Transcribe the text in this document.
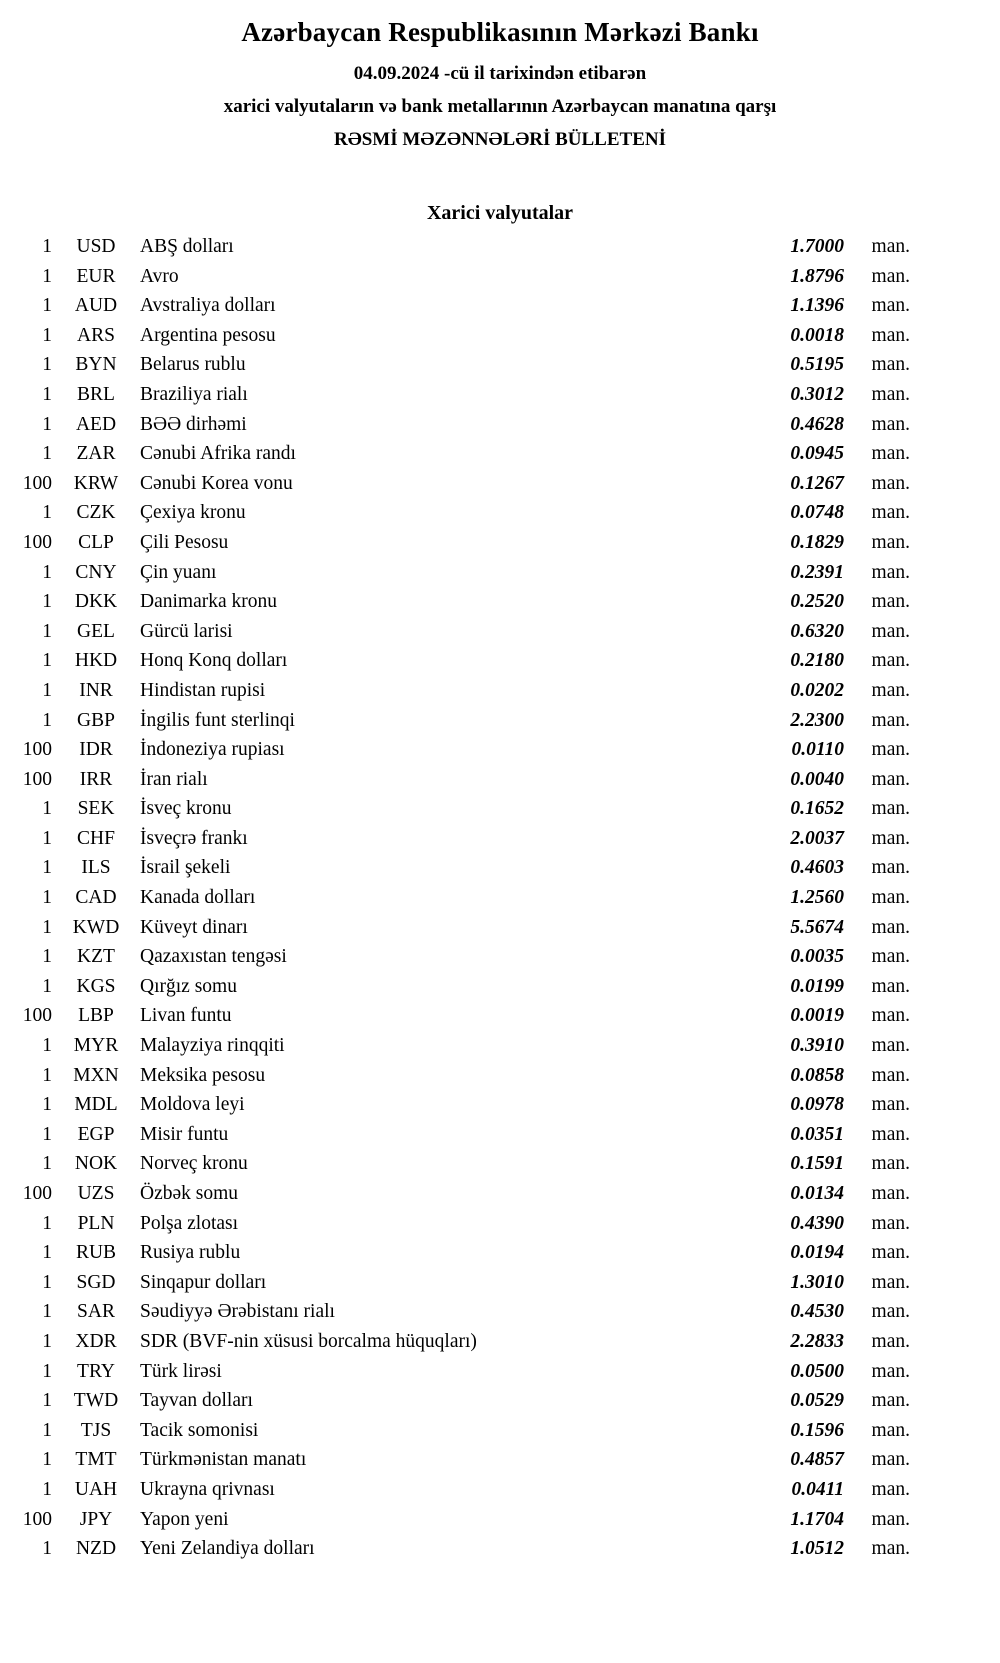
Azərbaycan Respublikasının Mərkəzi Bankı

04.09.2024 -cü il tarixindən etibarən

xarici valyutaların və bank metallarının Azərbaycan manatına qarşı

RƏSMİ MƏZƏNNƏLƏRİ BÜLLETENİ

Xarici valyutalar
1	USD	ABŞ dolları	1.7000	man.
1	EUR	Avro	1.8796	man.
1	AUD	Avstraliya dolları	1.1396	man.
1	ARS	Argentina pesosu	0.0018	man.
1	BYN	Belarus rublu	0.5195	man.
1	BRL	Braziliya rialı	0.3012	man.
1	AED	BƏƏ dirhəmi	0.4628	man.
1	ZAR	Cənubi Afrika randı	0.0945	man.
100	KRW	Cənubi Korea vonu	0.1267	man.
1	CZK	Çexiya kronu	0.0748	man.
100	CLP	Çili Pesosu	0.1829	man.
1	CNY	Çin yuanı	0.2391	man.
1	DKK	Danimarka kronu	0.2520	man.
1	GEL	Gürcü larisi	0.6320	man.
1	HKD	Honq Konq dolları	0.2180	man.
1	INR	Hindistan rupisi	0.0202	man.
1	GBP	İngilis funt sterlinqi	2.2300	man.
100	IDR	İndoneziya rupiası	0.0110	man.
100	IRR	İran rialı	0.0040	man.
1	SEK	İsveç kronu	0.1652	man.
1	CHF	İsveçrə frankı	2.0037	man.
1	ILS	İsrail şekeli	0.4603	man.
1	CAD	Kanada dolları	1.2560	man.
1	KWD	Küveyt dinarı	5.5674	man.
1	KZT	Qazaxıstan tengəsi	0.0035	man.
1	KGS	Qırğız somu	0.0199	man.
100	LBP	Livan funtu	0.0019	man.
1	MYR	Malayziya rinqqiti	0.3910	man.
1	MXN	Meksika pesosu	0.0858	man.
1	MDL	Moldova leyi	0.0978	man.
1	EGP	Misir funtu	0.0351	man.
1	NOK	Norveç kronu	0.1591	man.
100	UZS	Özbək somu	0.0134	man.
1	PLN	Polşa zlotası	0.4390	man.
1	RUB	Rusiya rublu	0.0194	man.
1	SGD	Sinqapur dolları	1.3010	man.
1	SAR	Səudiyyə Ərəbistanı rialı	0.4530	man.
1	XDR	SDR (BVF-nin xüsusi borcalma hüquqları)	2.2833	man.
1	TRY	Türk lirəsi	0.0500	man.
1	TWD	Tayvan dolları	0.0529	man.
1	TJS	Tacik somonisi	0.1596	man.
1	TMT	Türkmənistan manatı	0.4857	man.
1	UAH	Ukrayna qrivnası	0.0411	man.
100	JPY	Yapon yeni	1.1704	man.
1	NZD	Yeni Zelandiya dolları	1.0512	man.
